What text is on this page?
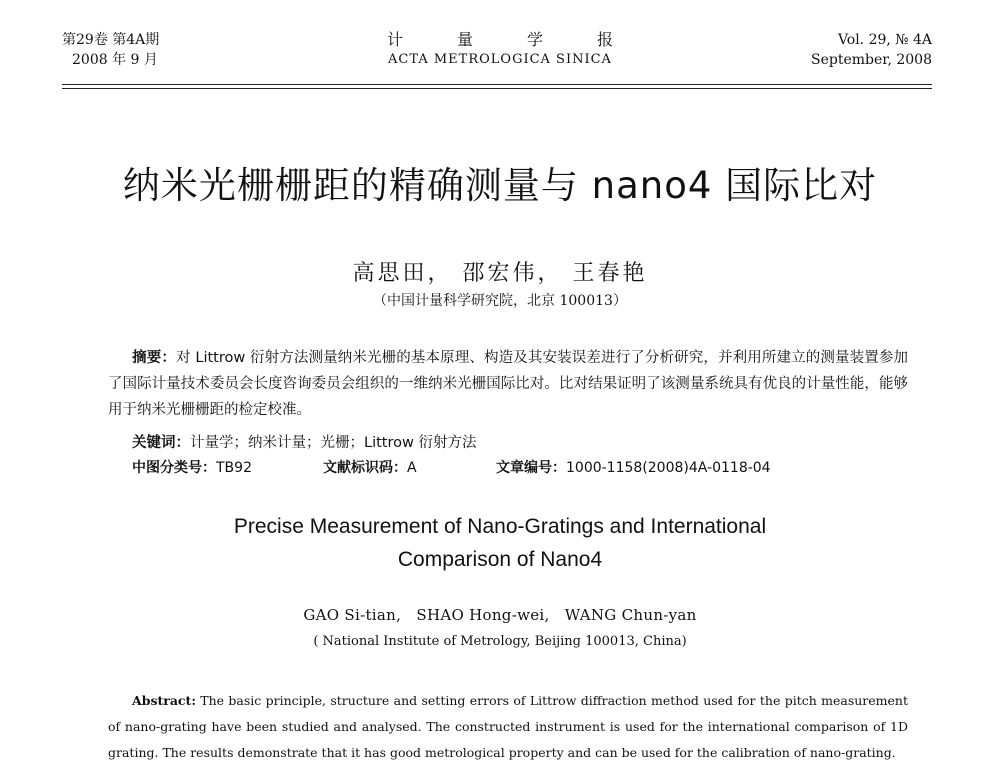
第29卷 第4A期
2008 年 9 月
计量学报
ACTA METROLOGICA SINICA
Vol. 29, № 4A
September, 2008
纳米光栅栅距的精确测量与 nano4 国际比对
高思田， 邵宏伟， 王春艳
（中国计量科学研究院，北京 100013）
摘要：对 Littrow 衍射方法测量纳米光栅的基本原理、构造及其安装误差进行了分析研究，并利用所建立的测量装置参加了国际计量技术委员会长度咨询委员会组织的一维纳米光栅国际比对。比对结果证明了该测量系统具有优良的计量性能，能够用于纳米光栅栅距的检定校准。
关键词：计量学；纳米计量；光栅；Littrow 衍射方法
中图分类号：TB92	文献标识码：A	文章编号：1000-1158(2008)4A-0118-04
Precise Measurement of Nano-Gratings and International
Comparison of Nano4
GAO Si-tian,   SHAO Hong-wei,   WANG Chun-yan
( National Institute of Metrology, Beijing 100013, China)
Abstract: The basic principle, structure and setting errors of Littrow diffraction method used for the pitch measurement of nano-grating have been studied and analysed. The constructed instrument is used for the international comparison of 1D grating. The results demonstrate that it has good metrological property and can be used for the calibration of nano-grating.
